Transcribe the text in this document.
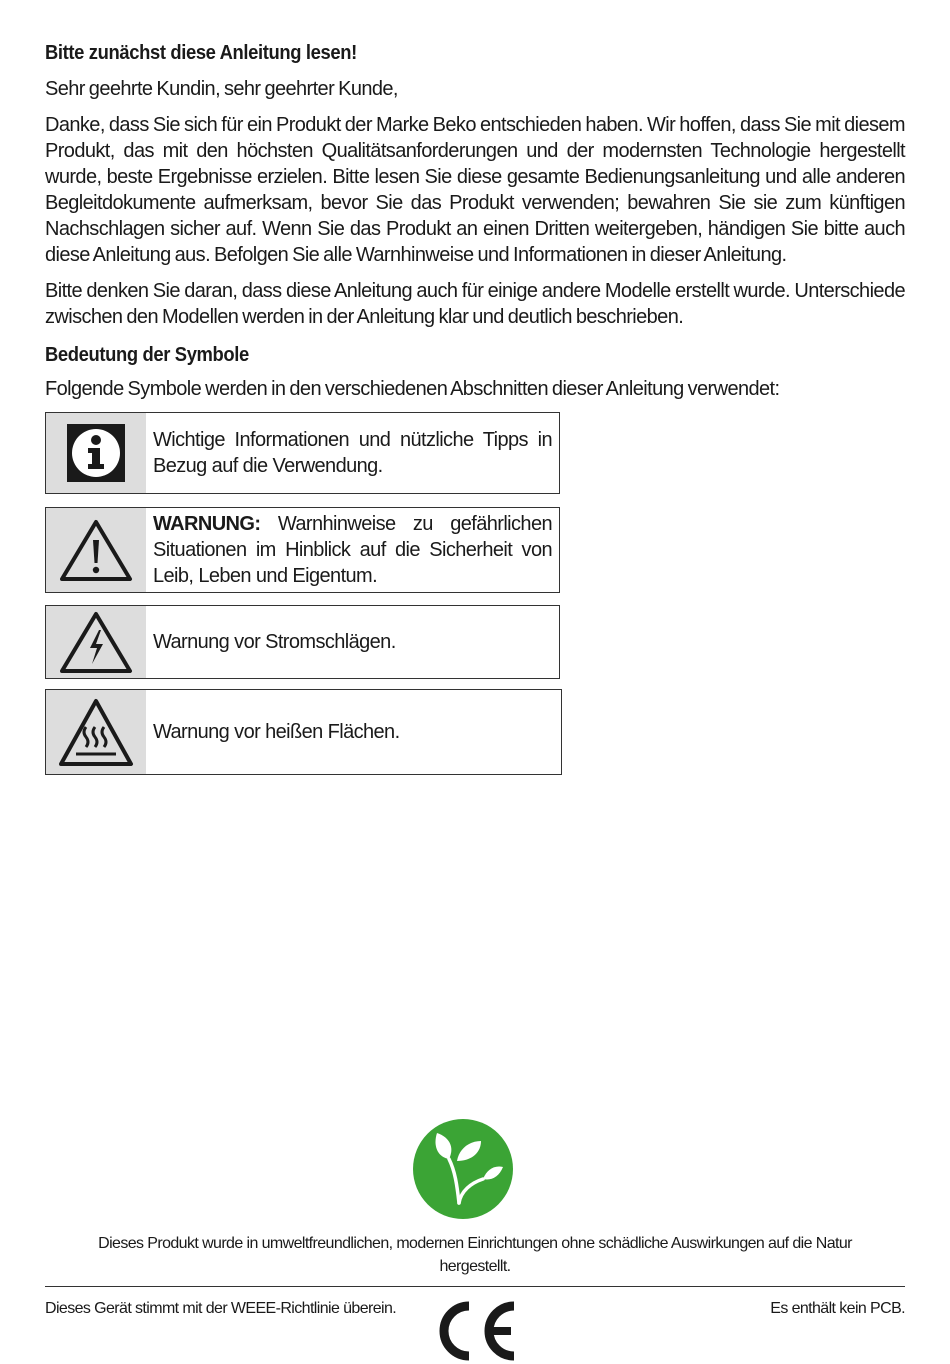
Bitte zunächst diese Anleitung lesen!

Sehr geehrte Kundin, sehr geehrter Kunde,

Danke, dass Sie sich für ein Produkt der Marke Beko entschieden haben. Wir hoffen, dass Sie mit diesem Produkt, das mit den höchsten Qualitätsanforderungen und der modernsten Technologie hergestellt wurde, beste Ergebnisse erzielen. Bitte lesen Sie diese gesamte Bedienungsanleitung und alle anderen Begleitdokumente aufmerksam, bevor Sie das Produkt verwenden; bewahren Sie sie zum künftigen Nachschlagen sicher auf. Wenn Sie das Produkt an einen Dritten weitergeben, händigen Sie bitte auch diese Anleitung aus. Befolgen Sie alle Warnhinweise und Informationen in dieser Anleitung.

Bitte denken Sie daran, dass diese Anleitung auch für einige andere Modelle erstellt wurde. Unterschiede zwischen den Modellen werden in der Anleitung klar und deutlich beschrieben.

Bedeutung der Symbole

Folgende Symbole werden in den verschiedenen Abschnitten dieser Anleitung verwendet:

Wichtige Informationen und nützliche Tipps in Bezug auf die Verwendung.
WARNUNG: Warnhinweise zu gefährlichen Situationen im Hinblick auf die Sicherheit von Leib, Leben und Eigentum.
Warnung vor Stromschlägen.
Warnung vor heißen Flächen.
Dieses Produkt wurde in umweltfreundlichen, modernen Einrichtungen ohne schädliche Auswirkungen auf die Natur hergestellt.
Dieses Gerät stimmt mit der WEEE-Richtlinie überein.	Es enthält kein PCB.
